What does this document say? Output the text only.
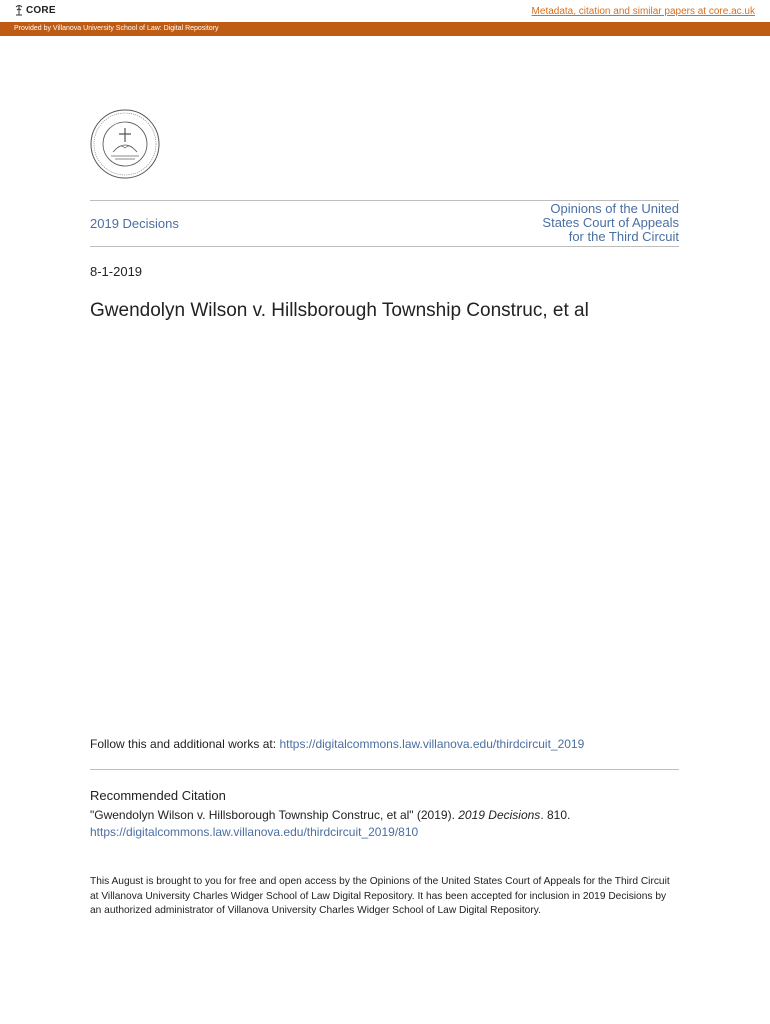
CORE	Metadata, citation and similar papers at core.ac.uk
Provided by Villanova University School of Law: Digital Repository
2019 Decisions
Opinions of the United
States Court of Appeals
for the Third Circuit
8-1-2019
Gwendolyn Wilson v. Hillsborough Township Construc, et al
Follow this and additional works at: https://digitalcommons.law.villanova.edu/thirdcircuit_2019
Recommended Citation
"Gwendolyn Wilson v. Hillsborough Township Construc, et al" (2019). 2019 Decisions. 810.
https://digitalcommons.law.villanova.edu/thirdcircuit_2019/810
This August is brought to you for free and open access by the Opinions of the United States Court of Appeals for the Third Circuit at Villanova University Charles Widger School of Law Digital Repository. It has been accepted for inclusion in 2019 Decisions by an authorized administrator of Villanova University Charles Widger School of Law Digital Repository.
